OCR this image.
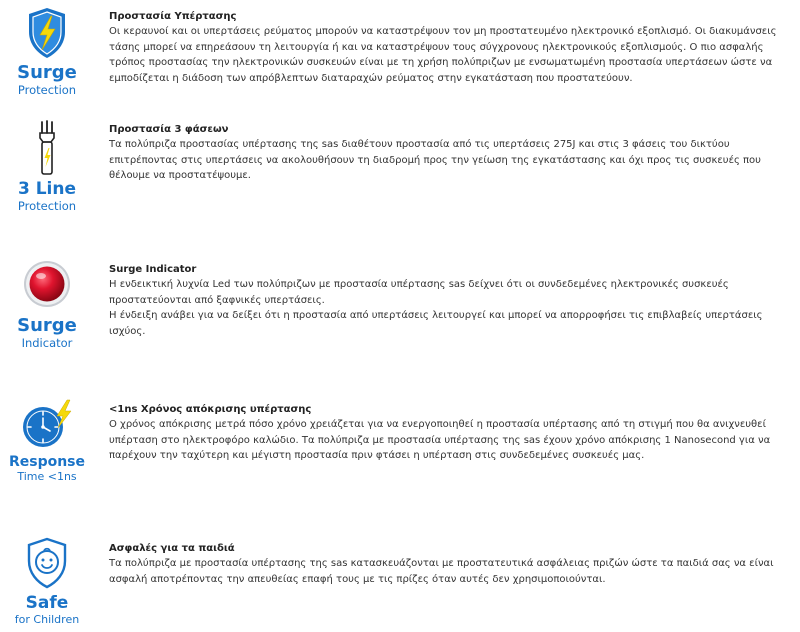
Surge
Protection

Προστασία Υπέρτασης

Οι κεραυνοί και οι υπερτάσεις ρεύματος μπορούν να καταστρέψουν τον μη προστατευμένο ηλεκτρονικό εξοπλισμό. Οι διακυμάνσεις τάσης μπορεί να επηρεάσουν τη λειτουργία ή και να καταστρέψουν τους σύγχρονους ηλεκτρονικούς εξοπλισμούς. Ο πιο ασφαλής τρόπος προστασίας την ηλεκτρονικών συσκευών είναι με τη χρήση πολύπριζων με ενσωματωμένη προστασία υπερτάσεων ώστε να εμποδίζεται η διάδοση των απρόβλεπτων διαταραχών ρεύματος στην εγκατάσταση που προστατεύουν.

3 Line
Protection

Προστασία 3 φάσεων

Τα πολύπριζα προστασίας υπέρτασης της sas διαθέτουν προστασία από τις υπερτάσεις 275J και στις 3 φάσεις του δικτύου επιτρέποντας στις υπερτάσεις να ακολουθήσουν τη διαδρομή προς την γείωση της εγκατάστασης και όχι προς τις συσκευές που θέλουμε να προστατέψουμε.

Surge
Indicator

Surge Indicator

Η ενδεικτική λυχνία Led των πολύπριζων με προστασία υπέρτασης sas δείχνει ότι οι συνδεδεμένες ηλεκτρονικές συσκευές προστατεύονται από ξαφνικές υπερτάσεις.

Η ένδειξη ανάβει για να δείξει ότι η προστασία από υπερτάσεις λειτουργεί και μπορεί να απορροφήσει τις επιβλαβείς υπερτάσεις ισχύος.

Response
Time <1ns

<1ns Χρόνος απόκρισης υπέρτασης

Ο χρόνος απόκρισης μετρά πόσο χρόνο χρειάζεται για να ενεργοποιηθεί η προστασία υπέρτασης από τη στιγμή που θα ανιχνευθεί υπέρταση στο ηλεκτροφόρο καλώδιο. Τα πολύπριζα με προστασία υπέρτασης της sas έχουν χρόνο απόκρισης 1 Nanosecond για να παρέχουν την ταχύτερη και μέγιστη προστασία πριν φτάσει η υπέρταση στις συνδεδεμένες συσκευές μας.

Safe
for Children

Ασφαλές για τα παιδιά

Τα πολύπριζα με προστασία υπέρτασης της sas κατασκευάζονται με προστατευτικά ασφάλειας πριζών ώστε τα παιδιά σας να είναι ασφαλή αποτρέποντας την απευθείας επαφή τους με τις πρίζες όταν αυτές δεν χρησιμοποιούνται.
